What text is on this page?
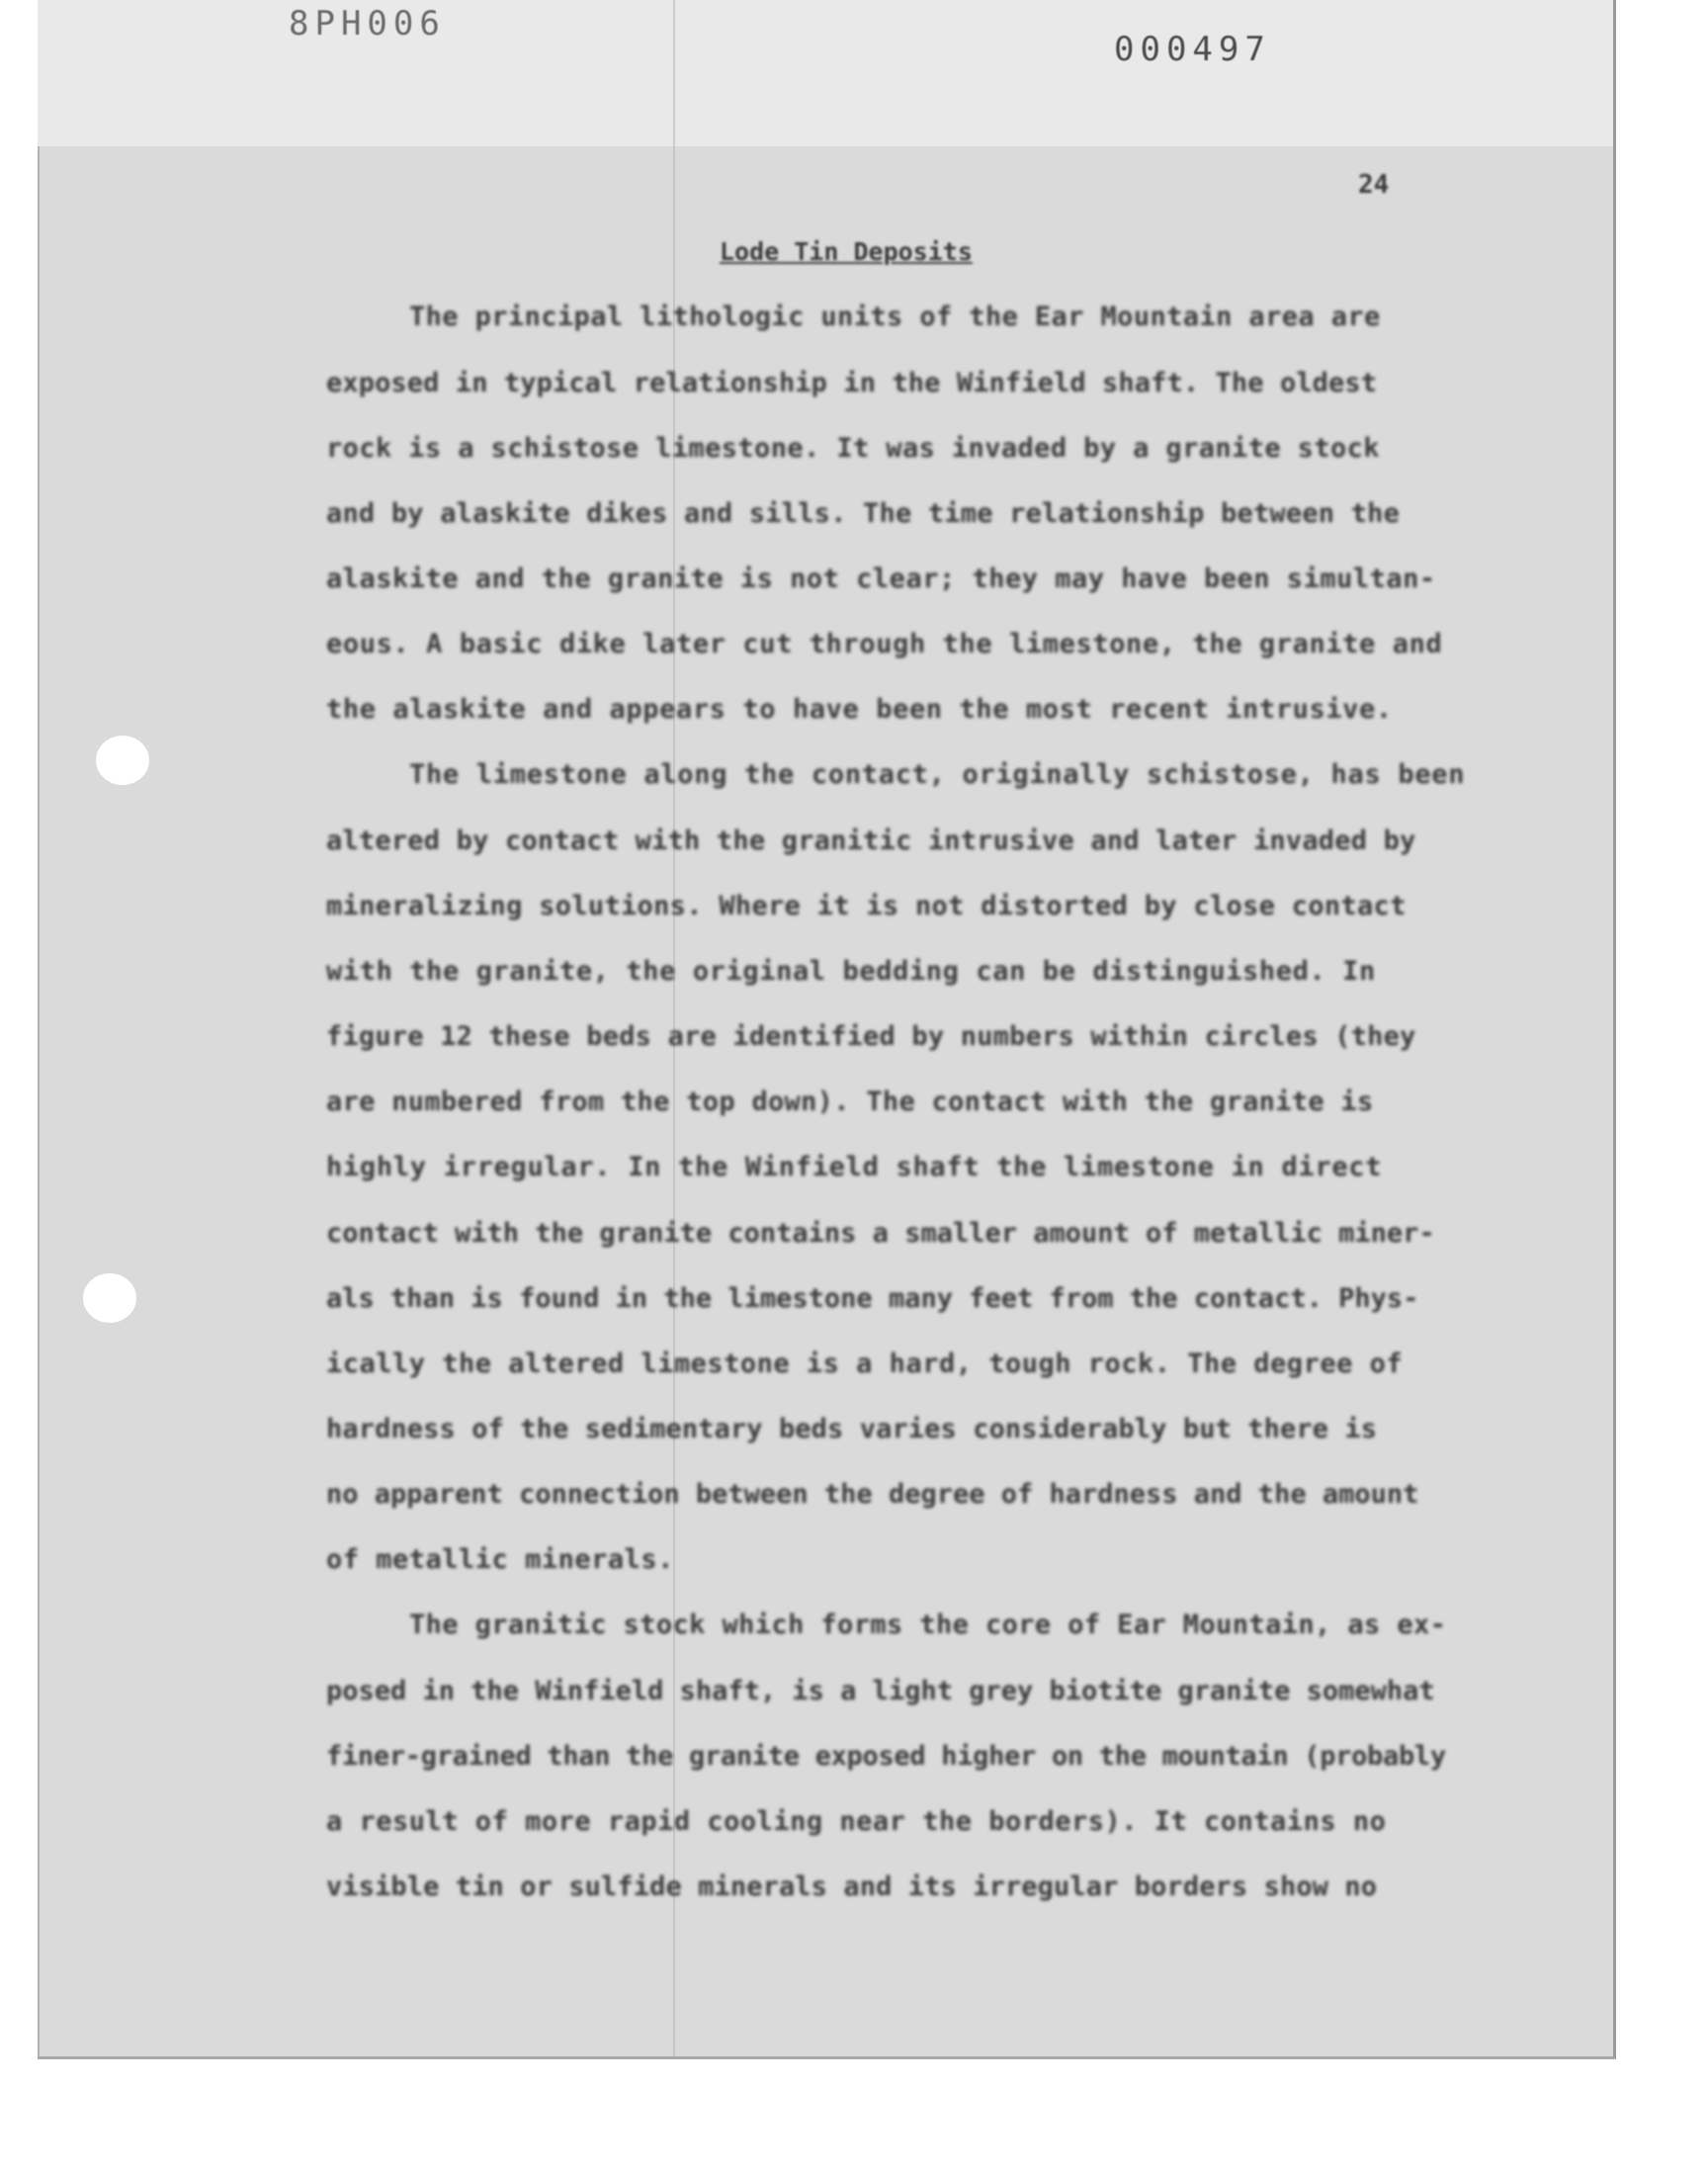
8PH006
000497
24
Lode Tin Deposits
The principal lithologic units of the Ear Mountain area are
exposed in typical relationship in the Winfield shaft. The oldest
rock is a schistose limestone. It was invaded by a granite stock
and by alaskite dikes and sills. The time relationship between the
alaskite and the granite is not clear; they may have been simultan-
eous. A basic dike later cut through the limestone, the granite and
the alaskite and appears to have been the most recent intrusive.
The limestone along the contact, originally schistose, has been
altered by contact with the granitic intrusive and later invaded by
mineralizing solutions. Where it is not distorted by close contact
with the granite, the original bedding can be distinguished. In
figure 12 these beds are identified by numbers within circles (they
are numbered from the top down). The contact with the granite is
highly irregular. In the Winfield shaft the limestone in direct
contact with the granite contains a smaller amount of metallic miner-
als than is found in the limestone many feet from the contact. Phys-
ically the altered limestone is a hard, tough rock. The degree of
hardness of the sedimentary beds varies considerably but there is
no apparent connection between the degree of hardness and the amount
of metallic minerals.
The granitic stock which forms the core of Ear Mountain, as ex-
posed in the Winfield shaft, is a light grey biotite granite somewhat
finer-grained than the granite exposed higher on the mountain (probably
a result of more rapid cooling near the borders). It contains no
visible tin or sulfide minerals and its irregular borders show no
